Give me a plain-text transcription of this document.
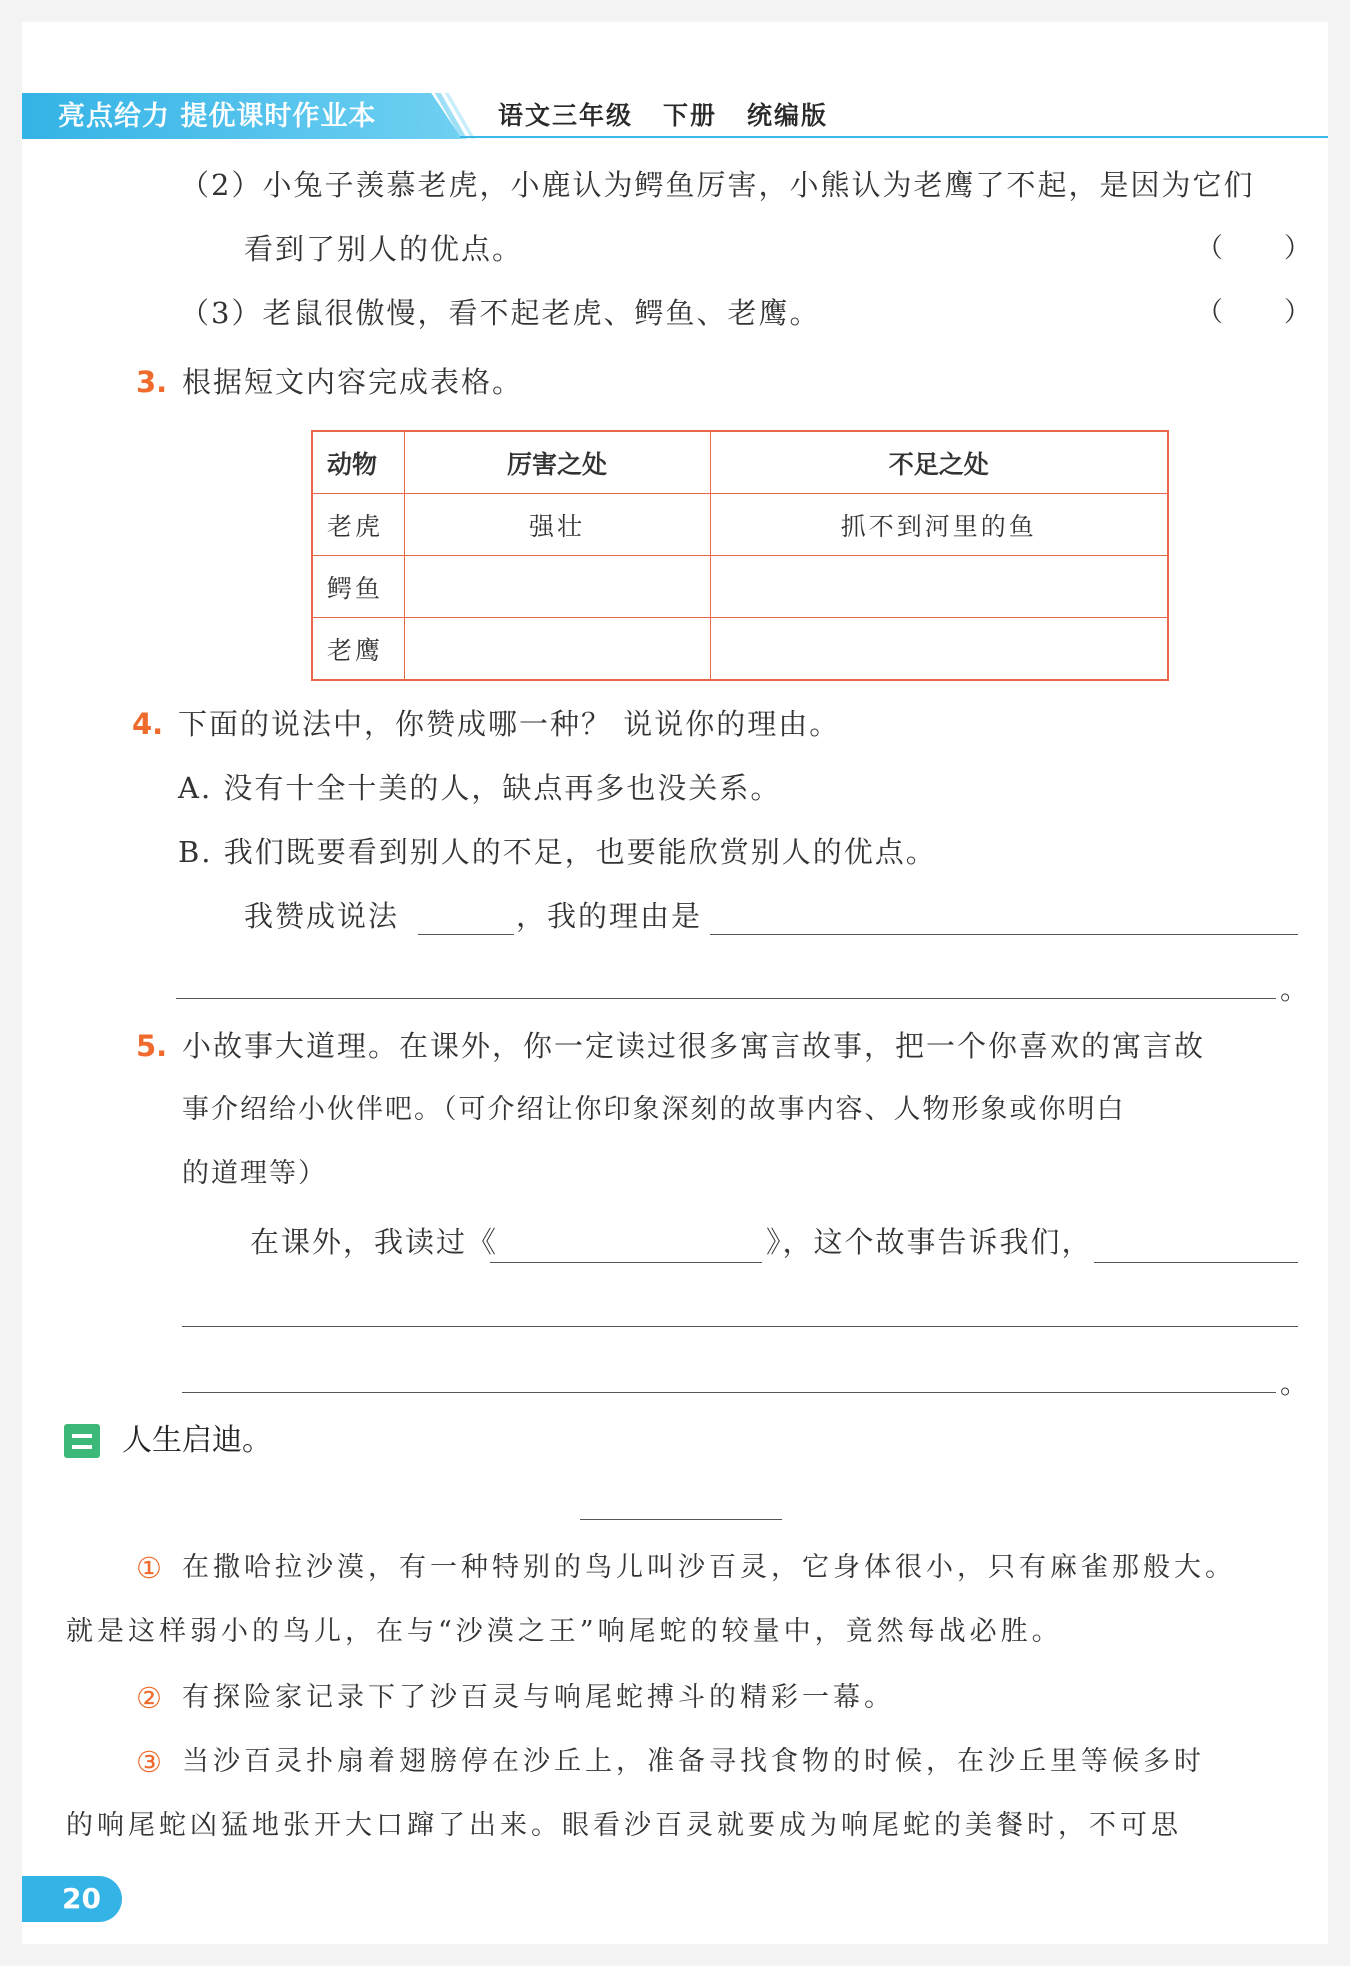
亮点给力 提优课时作业本	语文三年级 下册 统编版
（2）小兔子羡慕老虎，小鹿认为鳄鱼厉害，小熊认为老鹰了不起，是因为它们
看到了别人的优点。	（ ）
（3）老鼠很傲慢，看不起老虎、鳄鱼、老鹰。	（ ）
3. 根据短文内容完成表格。
动物	厉害之处	不足之处
老虎	强壮	抓不到河里的鱼
鳄鱼		
老鹰		
4. 下面的说法中，你赞成哪一种？ 说说你的理由。
A. 没有十全十美的人，缺点再多也没关系。
B. 我们既要看到别人的不足，也要能欣赏别人的优点。
我赞成说法	，我的理由是
。
5. 小故事大道理。在课外，你一定读过很多寓言故事，把一个你喜欢的寓言故
事介绍给小伙伴吧。（可介绍让你印象深刻的故事内容、人物形象或你明白
的道理等）
在课外，我读过《	》，这个故事告诉我们，
。
人生启迪。
① 在撒哈拉沙漠，有一种特别的鸟儿叫沙百灵，它身体很小，只有麻雀那般大。
就是这样弱小的鸟儿，在与“沙漠之王”响尾蛇的较量中，竟然每战必胜。
② 有探险家记录下了沙百灵与响尾蛇搏斗的精彩一幕。
③ 当沙百灵扑扇着翅膀停在沙丘上，准备寻找食物的时候，在沙丘里等候多时
的响尾蛇凶猛地张开大口蹿了出来。眼看沙百灵就要成为响尾蛇的美餐时，不可思
20
